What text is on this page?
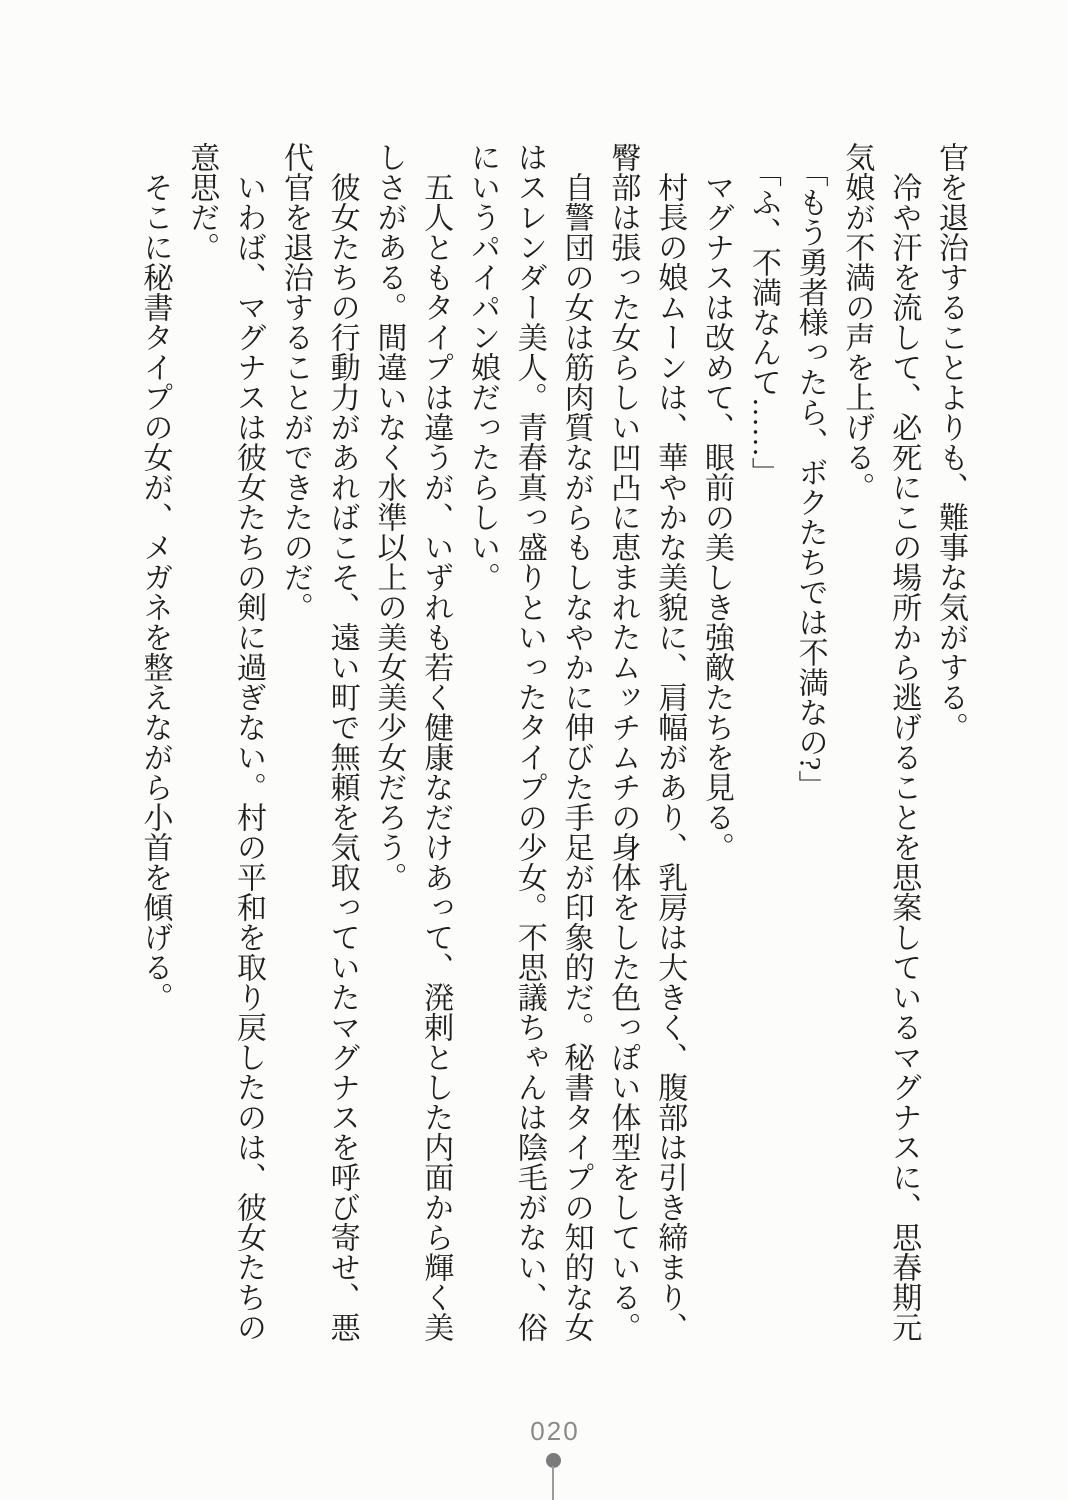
官を退治することよりも、難事な気がする。

冷や汗を流して、必死にこの場所から逃げることを思案しているマグナスに、思春期元気娘が不満の声を上げる。

「もう勇者様ったら、ボクたちでは不満なの?」

「ふ、不満なんて……」

マグナスは改めて、眼前の美しき強敵たちを見る。

村長の娘ムーンは、華やかな美貌に、肩幅があり、乳房は大きく、腹部は引き締まり、臀部は張った女らしい凹凸に恵まれたムッチムチの身体をした色っぽい体型をしている。

自警団の女は筋肉質ながらもしなやかに伸びた手足が印象的だ。秘書タイプの知的な女はスレンダー美人。青春真っ盛りといったタイプの少女。不思議ちゃんは陰毛がない、俗にいうパイパン娘だったらしい。

五人ともタイプは違うが、いずれも若く健康なだけあって、溌剌とした内面から輝く美しさがある。間違いなく水準以上の美女美少女だろう。

彼女たちの行動力があればこそ、遠い町で無頼を気取っていたマグナスを呼び寄せ、悪代官を退治することができたのだ。

いわば、マグナスは彼女たちの剣に過ぎない。村の平和を取り戻したのは、彼女たちの意思だ。

そこに秘書タイプの女が、メガネを整えながら小首を傾げる。

020
